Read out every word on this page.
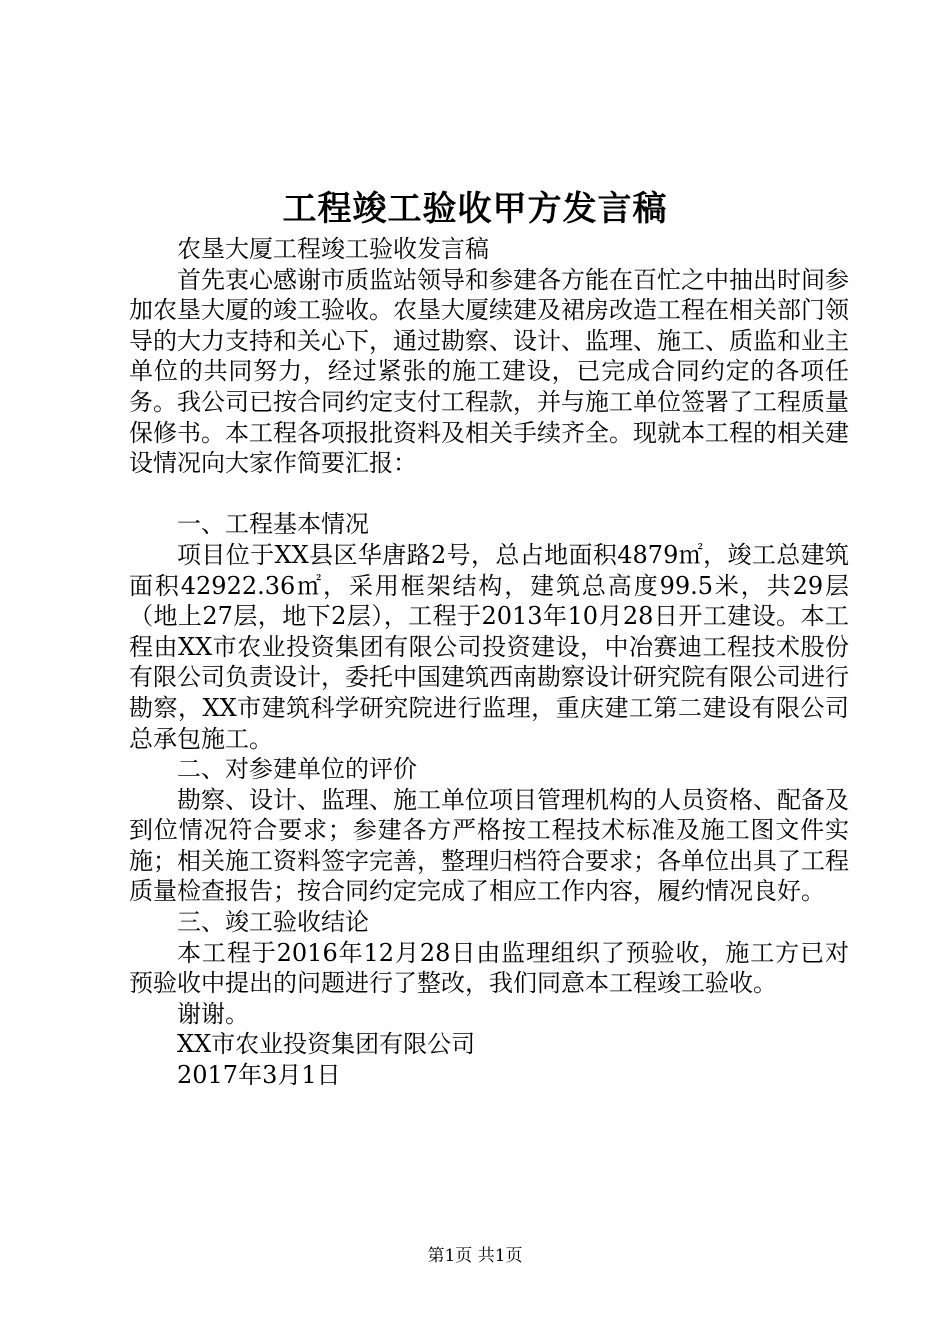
工程竣工验收甲方发言稿

农垦大厦工程竣工验收发言稿

首先衷心感谢市质监站领导和参建各方能在百忙之中抽出时间参加农垦大厦的竣工验收。农垦大厦续建及裙房改造工程在相关部门领导的大力支持和关心下，通过勘察、设计、监理、施工、质监和业主单位的共同努力，经过紧张的施工建设，已完成合同约定的各项任务。我公司已按合同约定支付工程款，并与施工单位签署了工程质量保修书。本工程各项报批资料及相关手续齐全。现就本工程的相关建设情况向大家作简要汇报：

一、工程基本情况

项目位于XX县区华唐路2号，总占地面积4879㎡，竣工总建筑面积42922.36㎡，采用框架结构，建筑总高度99.5米，共29层（地上27层，地下2层），工程于2013年10月28日开工建设。本工程由XX市农业投资集团有限公司投资建设，中冶赛迪工程技术股份有限公司负责设计，委托中国建筑西南勘察设计研究院有限公司进行勘察，XX市建筑科学研究院进行监理，重庆建工第二建设有限公司总承包施工。

二、对参建单位的评价

勘察、设计、监理、施工单位项目管理机构的人员资格、配备及到位情况符合要求；参建各方严格按工程技术标准及施工图文件实施；相关施工资料签字完善，整理归档符合要求；各单位出具了工程质量检查报告；按合同约定完成了相应工作内容，履约情况良好。

三、竣工验收结论

本工程于2016年12月28日由监理组织了预验收，施工方已对预验收中提出的问题进行了整改，我们同意本工程竣工验收。

谢谢。

XX市农业投资集团有限公司

2017年3月1日

第1页 共1页
